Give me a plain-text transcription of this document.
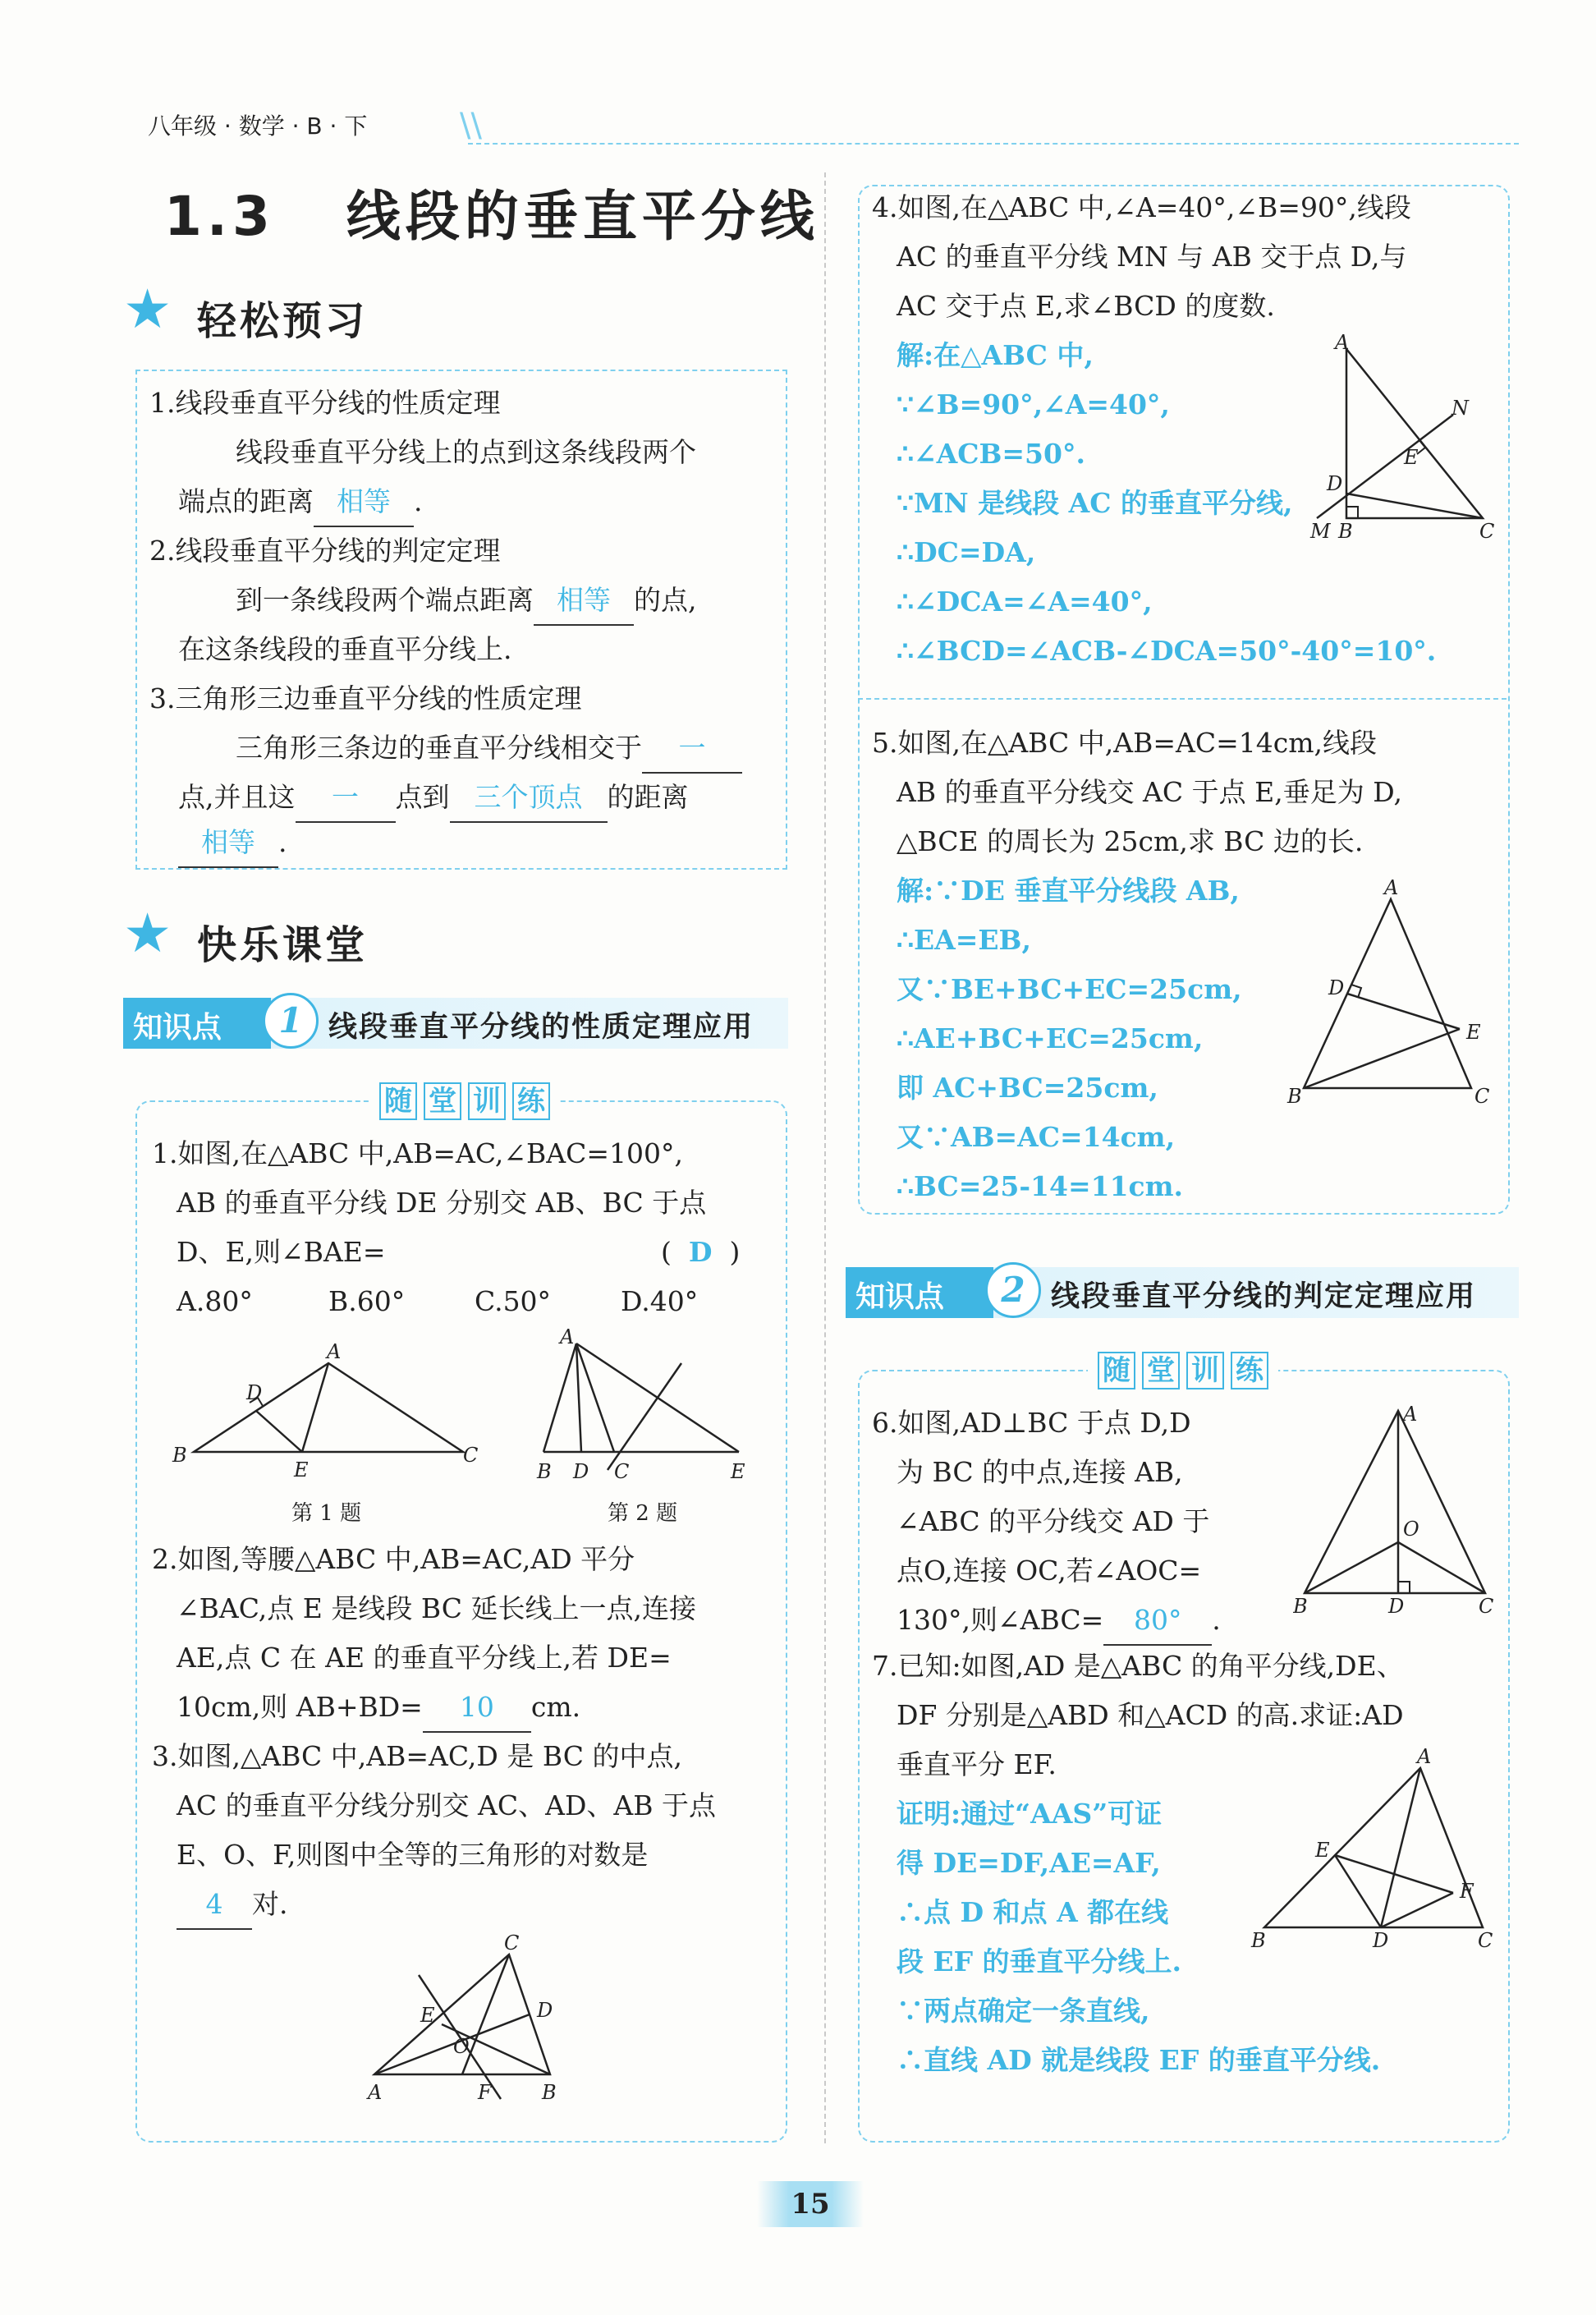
八年级 · 数学 · B · 下	\\
1.3 线段的垂直平分线
★ 轻松预习
1.线段垂直平分线的性质定理
线段垂直平分线上的点到这条线段两个
端点的距离 相等 .
2.线段垂直平分线的判定定理
到一条线段两个端点距离 相等 的点,
在这条线段的垂直平分线上.
3.三角形三边垂直平分线的性质定理
三角形三条边的垂直平分线相交于 一
点,并且这 一 点到 三个顶点 的距离
相等 .
★ 快乐课堂
知识点	1 线段垂直平分线的性质定理应用
随 堂 训 练
1.如图,在△ABC 中,AB=AC,∠BAC=100°,
AB 的垂直平分线 DE 分别交 AB、BC 于点
D、E,则∠BAE=	( D )
A.80°	B.60°	C.50°	D.40°
A
B	C
D
E
第 1 题
A
B D C	E
第 2 题
2.如图,等腰△ABC 中,AB=AC,AD 平分
∠BAC,点 E 是线段 BC 延长线上一点,连接
AE,点 C 在 AE 的垂直平分线上,若 DE=
10cm,则 AB+BD= 10 cm.
3.如图,△ABC 中,AB=AC,D 是 BC 的中点,
AC 的垂直平分线分别交 AC、AD、AB 于点
E、O、F,则图中全等的三角形的对数是
4 对.
C
A	B
D
E
F
O
4.如图,在△ABC 中,∠A=40°,∠B=90°,线段
AC 的垂直平分线 MN 与 AB 交于点 D,与
AC 交于点 E,求∠BCD 的度数.
解:在△ABC 中,
∵∠B=90°,∠A=40°,
∴∠ACB=50°.
∵MN 是线段 AC 的垂直平分线,
∴DC=DA,
∴∠DCA=∠A=40°,
∴∠BCD=∠ACB-∠DCA=50°-40°=10°.
A
B	C
D
E
M
N
5.如图,在△ABC 中,AB=AC=14cm,线段
AB 的垂直平分线交 AC 于点 E,垂足为 D,
△BCE 的周长为 25cm,求 BC 边的长.
解:∵DE 垂直平分线段 AB,
∴EA=EB,
又∵BE+BC+EC=25cm,
∴AE+BC+EC=25cm,
即 AC+BC=25cm,
又∵AB=AC=14cm,
∴BC=25-14=11cm.
A
B	C
D
E
知识点	2 线段垂直平分线的判定定理应用
随 堂 训 练
6.如图,AD⊥BC 于点 D,D
为 BC 的中点,连接 AB,
∠ABC 的平分线交 AD 于
点O,连接 OC,若∠AOC=
130°,则∠ABC= 80° .
A
B	C
D
O
7.已知:如图,AD 是△ABC 的角平分线,DE、
DF 分别是△ABD 和△ACD 的高.求证:AD
垂直平分 EF.
证明:通过“AAS”可证
得 DE=DF,AE=AF,
∴点 D 和点 A 都在线
段 EF 的垂直平分线上.
∵两点确定一条直线,
∴直线 AD 就是线段 EF 的垂直平分线.
A
B	C
D
E
F
15
